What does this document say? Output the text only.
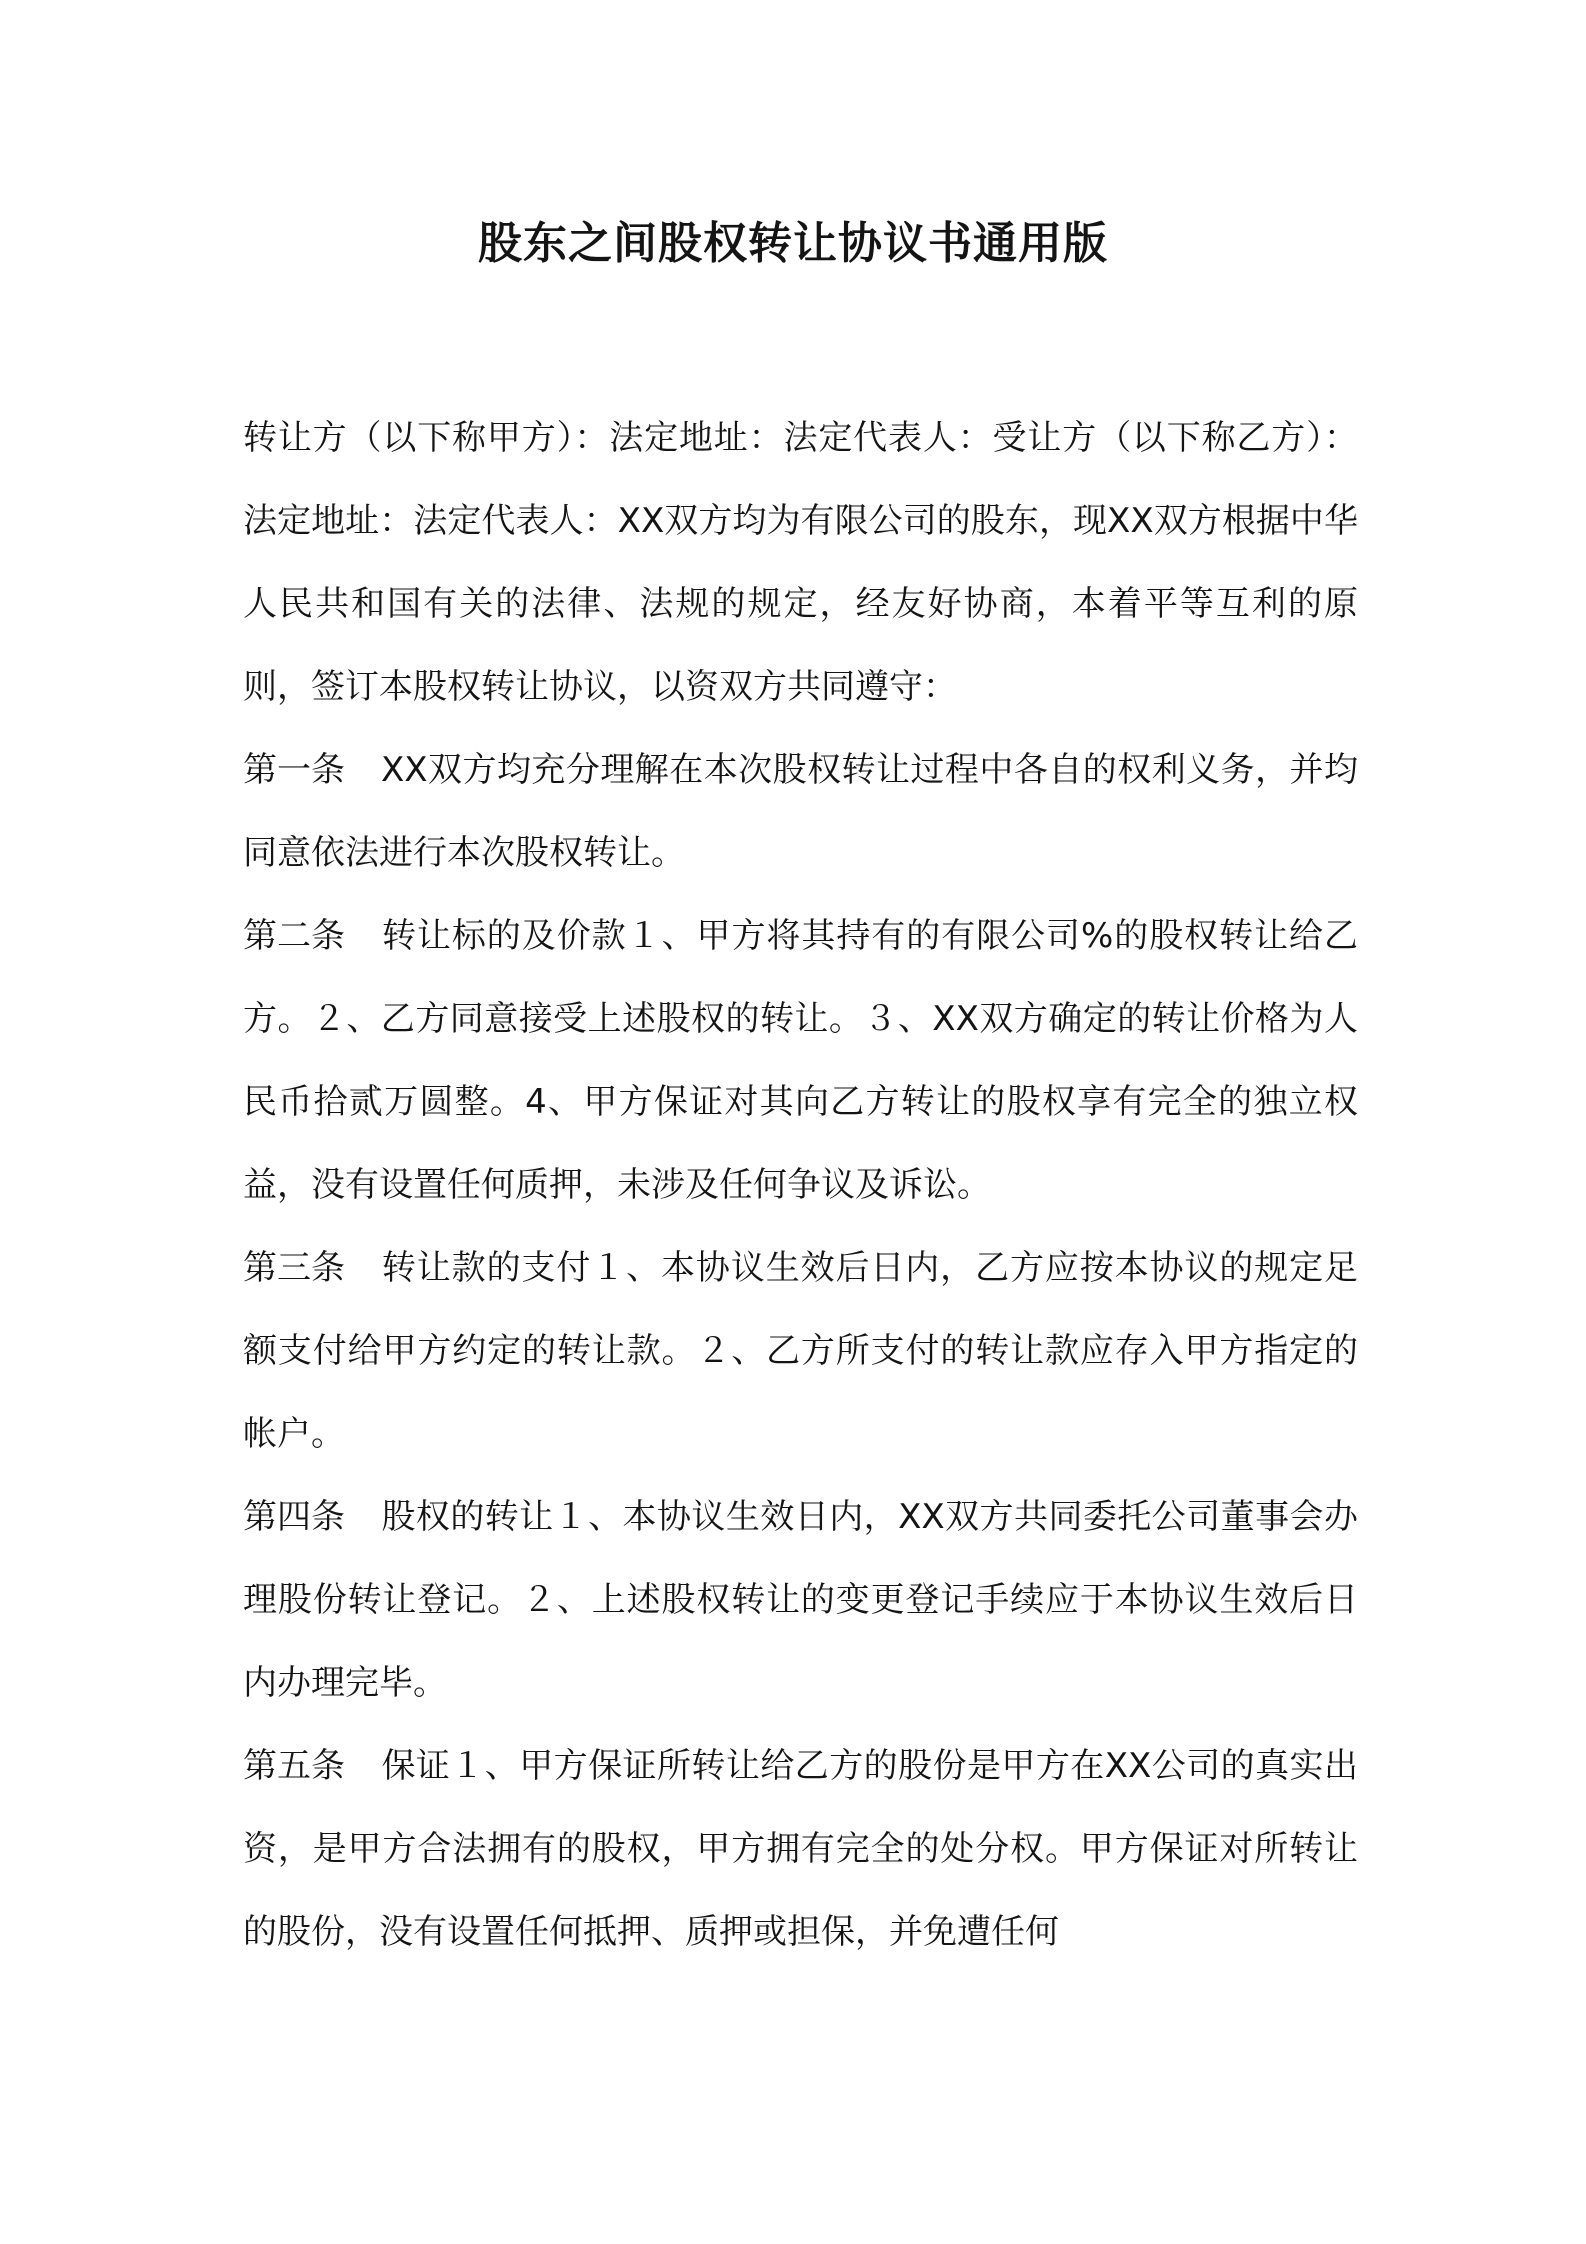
股东之间股权转让协议书通用版

转让方（以下称甲方）：法定地址：法定代表人：受让方（以下称乙方）：法定地址：法定代表人：XX双方均为有限公司的股东，现XX双方根据中华人民共和国有关的法律、法规的规定，经友好协商，本着平等互利的原则，签订本股权转让协议，以资双方共同遵守：

第一条 XX双方均充分理解在本次股权转让过程中各自的权利义务，并均同意依法进行本次股权转让。

第二条 转让标的及价款１、甲方将其持有的有限公司%的股权转让给乙方。２、乙方同意接受上述股权的转让。３、XX双方确定的转让价格为人民币拾贰万圆整。4、甲方保证对其向乙方转让的股权享有完全的独立权益，没有设置任何质押，未涉及任何争议及诉讼。

第三条 转让款的支付１、本协议生效后日内，乙方应按本协议的规定足额支付给甲方约定的转让款。２、乙方所支付的转让款应存入甲方指定的帐户。

第四条 股权的转让１、本协议生效日内，XX双方共同委托公司董事会办理股份转让登记。２、上述股权转让的变更登记手续应于本协议生效后日内办理完毕。

第五条 保证１、甲方保证所转让给乙方的股份是甲方在XX公司的真实出资，是甲方合法拥有的股权，甲方拥有完全的处分权。甲方保证对所转让的股份，没有设置任何抵押、质押或担保，并免遭任何
